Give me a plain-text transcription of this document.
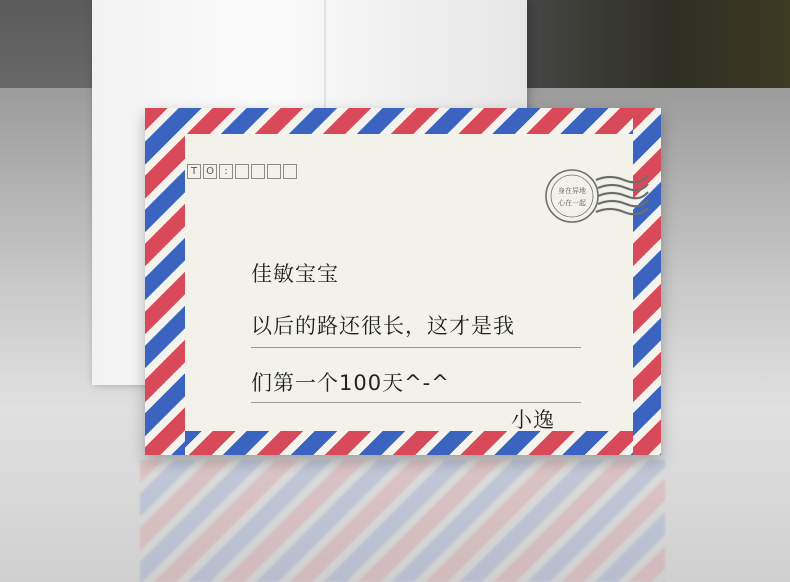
T O	:
身在异地
心在一起
佳敏宝宝
以后的路还很长，这才是我
们第一个100天^-^
小逸
